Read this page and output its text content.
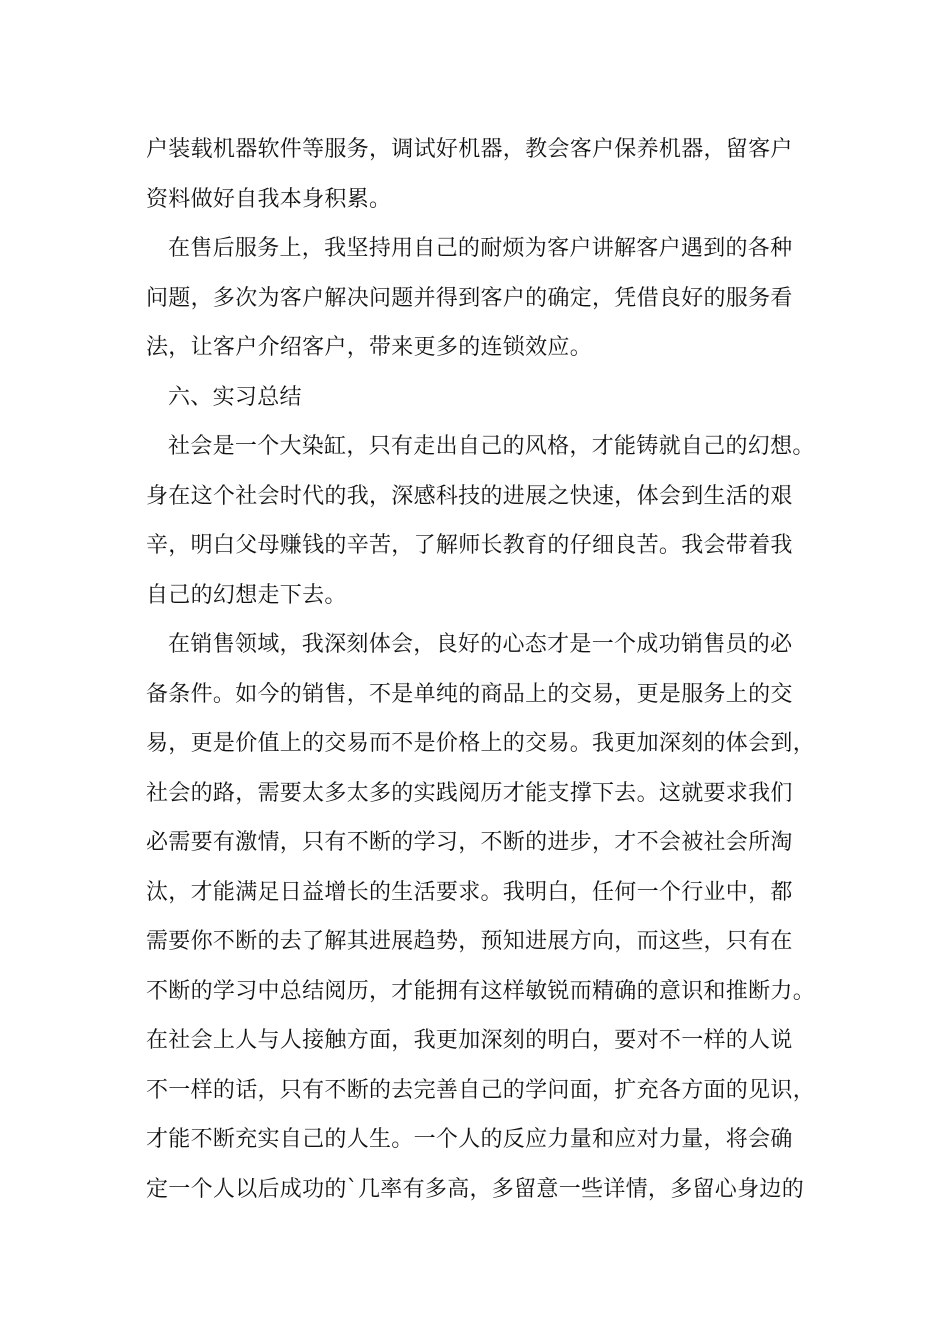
户装载机器软件等服务，调试好机器，教会客户保养机器，留客户
资料做好自我本身积累。
在售后服务上，我坚持用自己的耐烦为客户讲解客户遇到的各种
问题，多次为客户解决问题并得到客户的确定，凭借良好的服务看
法，让客户介绍客户，带来更多的连锁效应。
六、实习总结
社会是一个大染缸，只有走出自己的风格，才能铸就自己的幻想。
身在这个社会时代的我，深感科技的进展之快速，体会到生活的艰
辛，明白父母赚钱的辛苦，了解师长教育的仔细良苦。我会带着我
自己的幻想走下去。
在销售领域，我深刻体会，良好的心态才是一个成功销售员的必
备条件。如今的销售，不是单纯的商品上的交易，更是服务上的交
易，更是价值上的交易而不是价格上的交易。我更加深刻的体会到，
社会的路，需要太多太多的实践阅历才能支撑下去。这就要求我们
必需要有激情，只有不断的学习，不断的进步，才不会被社会所淘
汰，才能满足日益增长的生活要求。我明白，任何一个行业中，都
需要你不断的去了解其进展趋势，预知进展方向，而这些，只有在
不断的学习中总结阅历，才能拥有这样敏锐而精确的意识和推断力。
在社会上人与人接触方面，我更加深刻的明白，要对不一样的人说
不一样的话，只有不断的去完善自己的学问面，扩充各方面的见识，
才能不断充实自己的人生。一个人的反应力量和应对力量，将会确
定一个人以后成功的`几率有多高，多留意一些详情，多留心身边的
